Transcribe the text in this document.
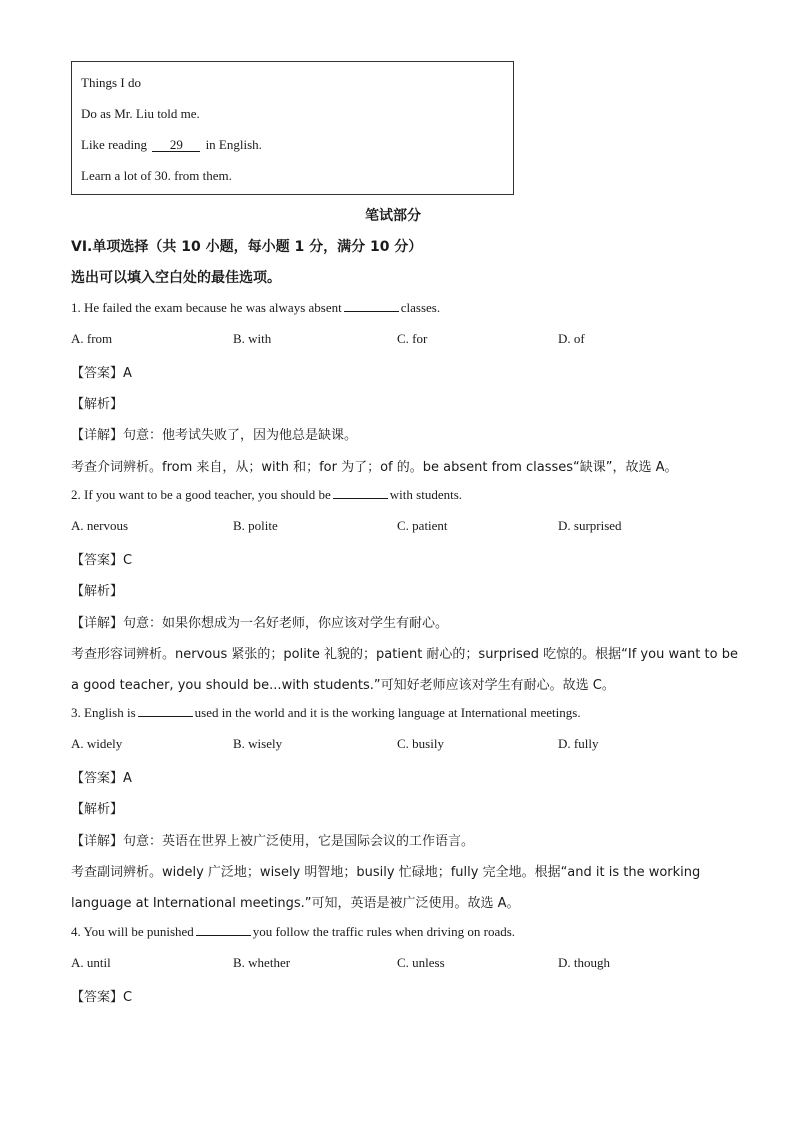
Things I do
Do as Mr. Liu told me.
Like reading 29 in English.
Learn a lot of 30. from them.
笔试部分
VI.单项选择（共 10 小题，每小题 1 分，满分 10 分）
选出可以填入空白处的最佳选项。
1. He failed the exam because he was always absent	classes.
A. from	B. with	C. for	D. of
【答案】A
【解析】
【详解】句意：他考试失败了，因为他总是缺课。
考查介词辨析。from 来自，从；with 和；for 为了；of 的。be absent from classes“缺课”，故选 A。
2. If you want to be a good teacher, you should be	with students.
A. nervous	B. polite	C. patient	D. surprised
【答案】C
【解析】
【详解】句意：如果你想成为一名好老师，你应该对学生有耐心。
考查形容词辨析。nervous 紧张的；polite 礼貌的；patient 耐心的；surprised 吃惊的。根据“If you want to be
a good teacher, you should be...with students.”可知好老师应该对学生有耐心。故选 C。
3. English is	used in the world and it is the working language at International meetings.
A. widely	B. wisely	C. busily	D. fully
【答案】A
【解析】
【详解】句意：英语在世界上被广泛使用，它是国际会议的工作语言。
考查副词辨析。widely 广泛地；wisely 明智地；busily 忙碌地；fully 完全地。根据“and it is the working
language at International meetings.”可知，英语是被广泛使用。故选 A。
4. You will be punished	you follow the traffic rules when driving on roads.
A. until	B. whether	C. unless	D. though
【答案】C
